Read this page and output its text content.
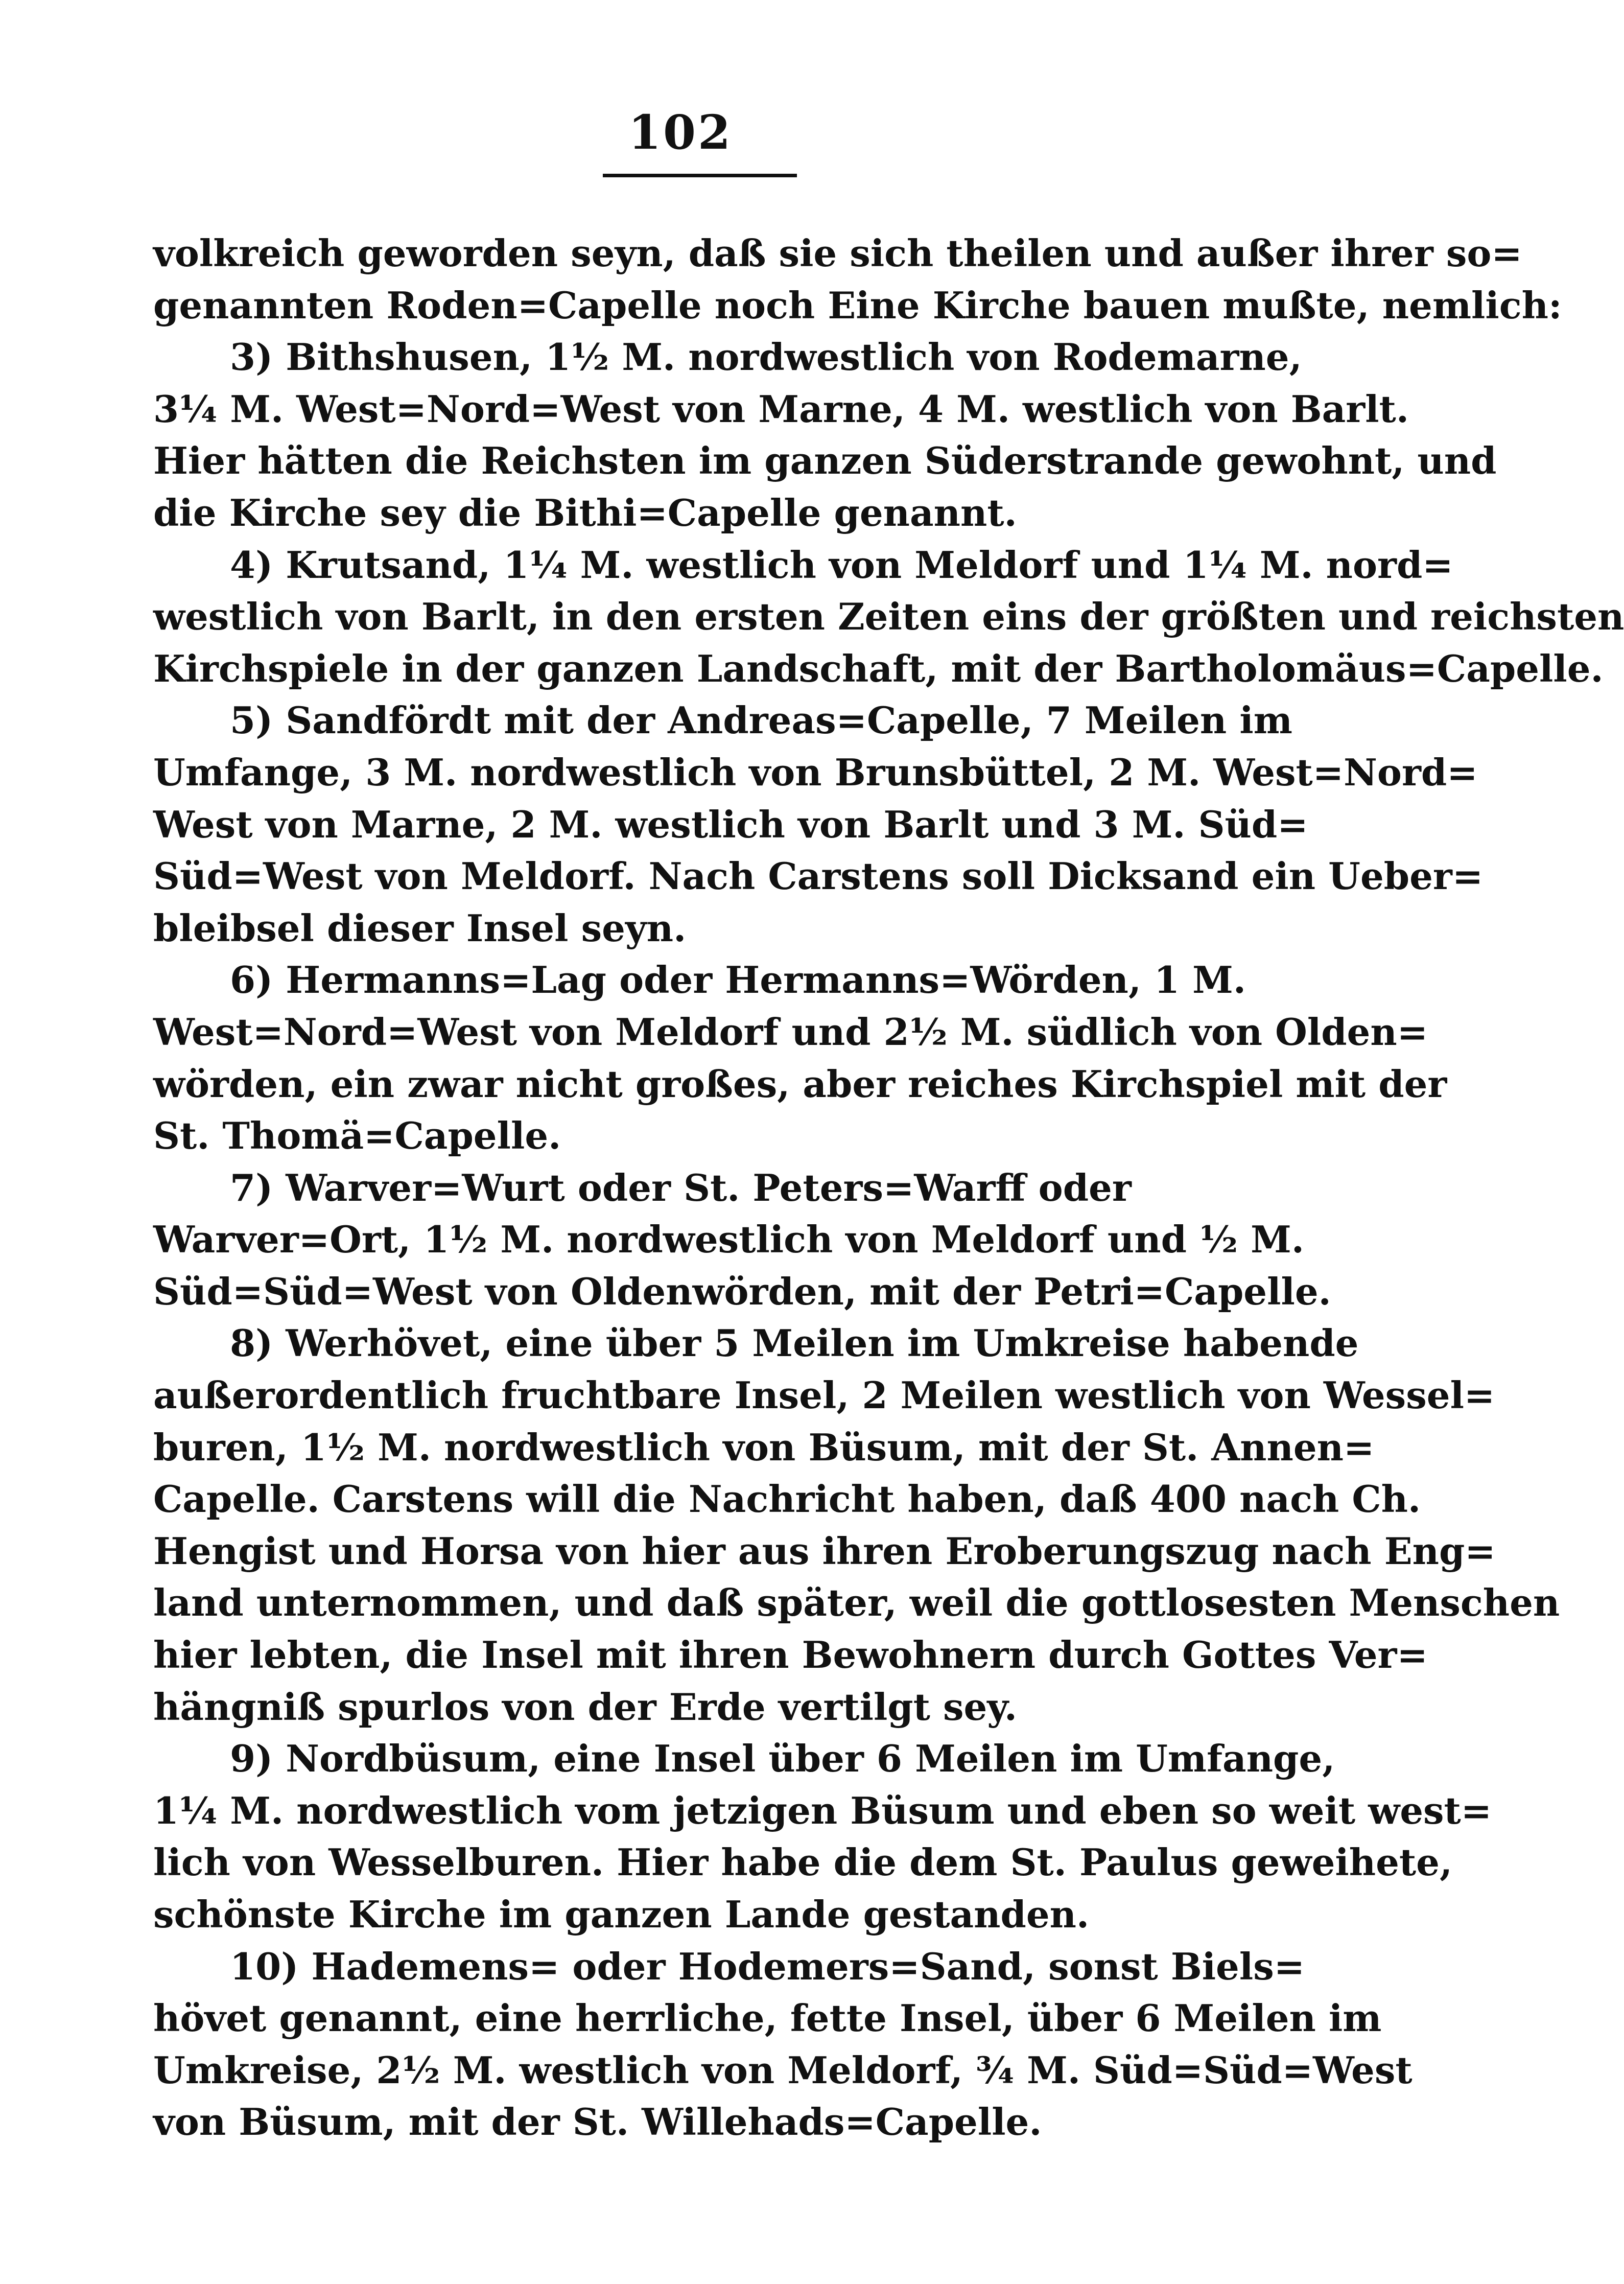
102
volkreich geworden seyn, daß sie sich theilen und außer ihrer so=
genannten Roden=Capelle noch Eine Kirche bauen mußte, nemlich:
3) Bithshusen, 1½ M. nordwestlich von Rodemarne,
3¼ M. West=Nord=West von Marne, 4 M. westlich von Barlt.
Hier hätten die Reichsten im ganzen Süderstrande gewohnt, und
die Kirche sey die Bithi=Capelle genannt.
4) Krutsand, 1¼ M. westlich von Meldorf und 1¼ M. nord=
westlich von Barlt, in den ersten Zeiten eins der größten und reichsten
Kirchspiele in der ganzen Landschaft, mit der Bartholomäus=Capelle.
5) Sandfördt mit der Andreas=Capelle, 7 Meilen im
Umfange, 3 M. nordwestlich von Brunsbüttel, 2 M. West=Nord=
West von Marne, 2 M. westlich von Barlt und 3 M. Süd=
Süd=West von Meldorf. Nach Carstens soll Dicksand ein Ueber=
bleibsel dieser Insel seyn.
6) Hermanns=Lag oder Hermanns=Wörden, 1 M.
West=Nord=West von Meldorf und 2½ M. südlich von Olden=
wörden, ein zwar nicht großes, aber reiches Kirchspiel mit der
St. Thomä=Capelle.
7) Warver=Wurt oder St. Peters=Warff oder
Warver=Ort, 1½ M. nordwestlich von Meldorf und ½ M.
Süd=Süd=West von Oldenwörden, mit der Petri=Capelle.
8) Werhövet, eine über 5 Meilen im Umkreise habende
außerordentlich fruchtbare Insel, 2 Meilen westlich von Wessel=
buren, 1½ M. nordwestlich von Büsum, mit der St. Annen=
Capelle. Carstens will die Nachricht haben, daß 400 nach Ch.
Hengist und Horsa von hier aus ihren Eroberungszug nach Eng=
land unternommen, und daß später, weil die gottlosesten Menschen
hier lebten, die Insel mit ihren Bewohnern durch Gottes Ver=
hängniß spurlos von der Erde vertilgt sey.
9) Nordbüsum, eine Insel über 6 Meilen im Umfange,
1¼ M. nordwestlich vom jetzigen Büsum und eben so weit west=
lich von Wesselburen. Hier habe die dem St. Paulus geweihete,
schönste Kirche im ganzen Lande gestanden.
10) Hademens= oder Hodemers=Sand, sonst Biels=
hövet genannt, eine herrliche, fette Insel, über 6 Meilen im
Umkreise, 2½ M. westlich von Meldorf, ¾ M. Süd=Süd=West
von Büsum, mit der St. Willehads=Capelle.
